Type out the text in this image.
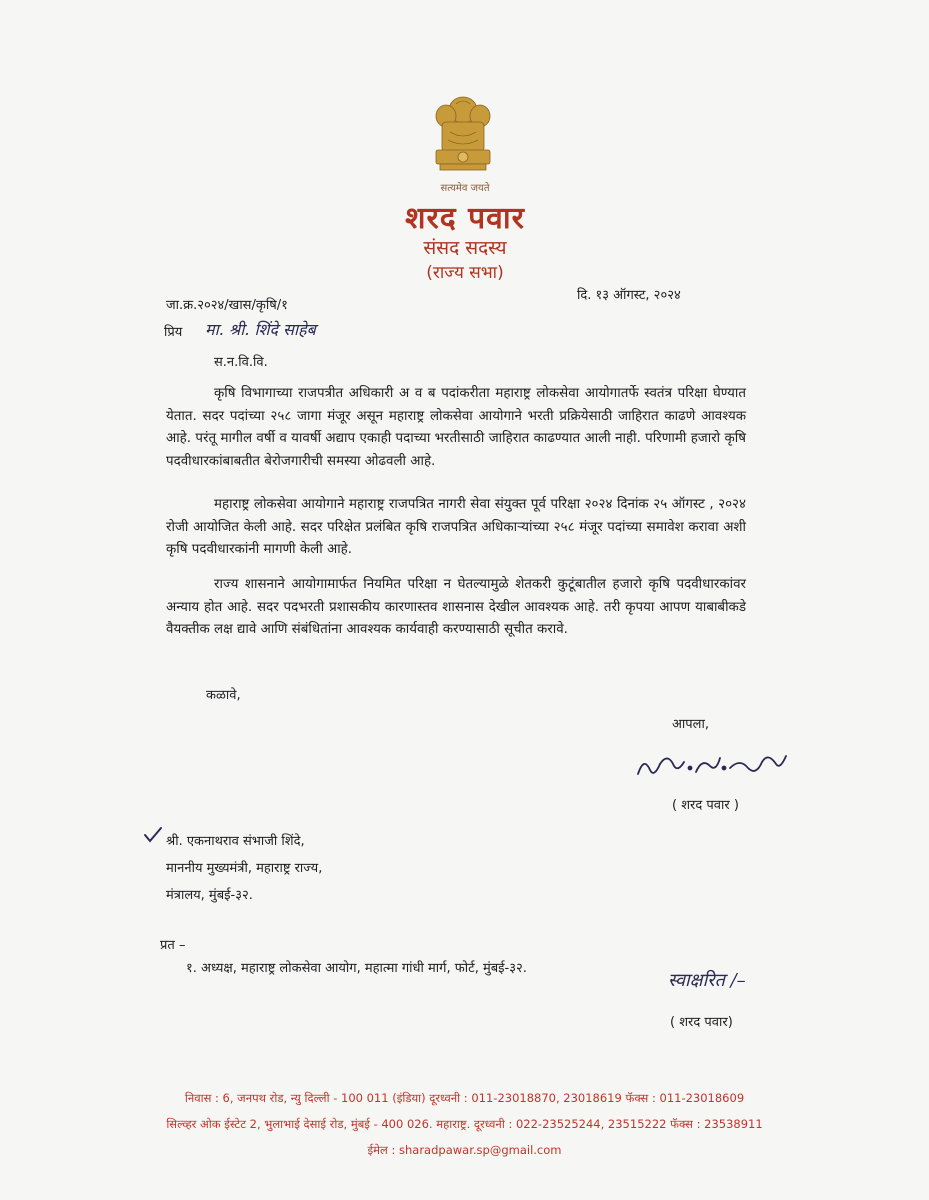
सत्यमेव जयते
शरद पवार
संसद सदस्य
(राज्य सभा)
जा.क्र.२०२४/खास/कृषि/१
दि. १३ ऑगस्ट, २०२४
प्रिय मा. श्री. शिंदे साहेब
स.न.वि.वि.

कृषि विभागाच्या राजपत्रीत अधिकारी अ व ब पदांकरीता महाराष्ट्र लोकसेवा आयोगातर्फे स्वतंत्र परिक्षा घेण्यात येतात. सदर पदांच्या २५८ जागा मंजूर असून महाराष्ट्र लोकसेवा आयोगाने भरती प्रक्रियेसाठी जाहिरात काढणे आवश्यक आहे. परंतू मागील वर्षी व यावर्षी अद्याप एकाही पदाच्या भरतीसाठी जाहिरात काढण्यात आली नाही. परिणामी हजारो कृषि पदवीधारकांबाबतीत बेरोजगारीची समस्या ओढवली आहे.

महाराष्ट्र लोकसेवा आयोगाने महाराष्ट्र राजपत्रित नागरी सेवा संयुक्त पूर्व परिक्षा २०२४ दिनांक २५ ऑगस्ट , २०२४ रोजी आयोजित केली आहे. सदर परिक्षेत प्रलंबित कृषि राजपत्रित अधिकाऱ्यांच्या २५८ मंजूर पदांच्या समावेश करावा अशी कृषि पदवीधारकांनी मागणी केली आहे.

राज्य शासनाने आयोगामार्फत नियमित परिक्षा न घेतल्यामुळे शेतकरी कुटूंबातील हजारो कृषि पदवीधारकांवर अन्याय होत आहे. सदर पदभरती प्रशासकीय कारणास्तव शासनास देखील आवश्यक आहे. तरी कृपया आपण याबाबीकडे वैयक्तीक लक्ष द्यावे आणि संबंधितांना आवश्यक कार्यवाही करण्यासाठी सूचीत करावे.

कळावे,
आपला,
( शरद पवार )
श्री. एकनाथराव संभाजी शिंदे,
माननीय मुख्यमंत्री, महाराष्ट्र राज्य,
मंत्रालय, मुंबई-३२.
प्रत –
१. अध्यक्ष, महाराष्ट्र लोकसेवा आयोग, महात्मा गांधी मार्ग, फोर्ट, मुंबई-३२.
स्वाक्षरित /–
( शरद पवार)
निवास : 6, जनपथ रोड, न्यु दिल्ली - 100 011 (इंडिया) दूरध्वनी : 011-23018870, 23018619 फॅक्स : 011-23018609
सिल्व्हर ओक ईस्टेट 2, भुलाभाई देसाई रोड, मुंबई - 400 026. महाराष्ट्र. दूरध्वनी : 022-23525244, 23515222 फॅक्स : 23538911
ईमेल : sharadpawar.sp@gmail.com
